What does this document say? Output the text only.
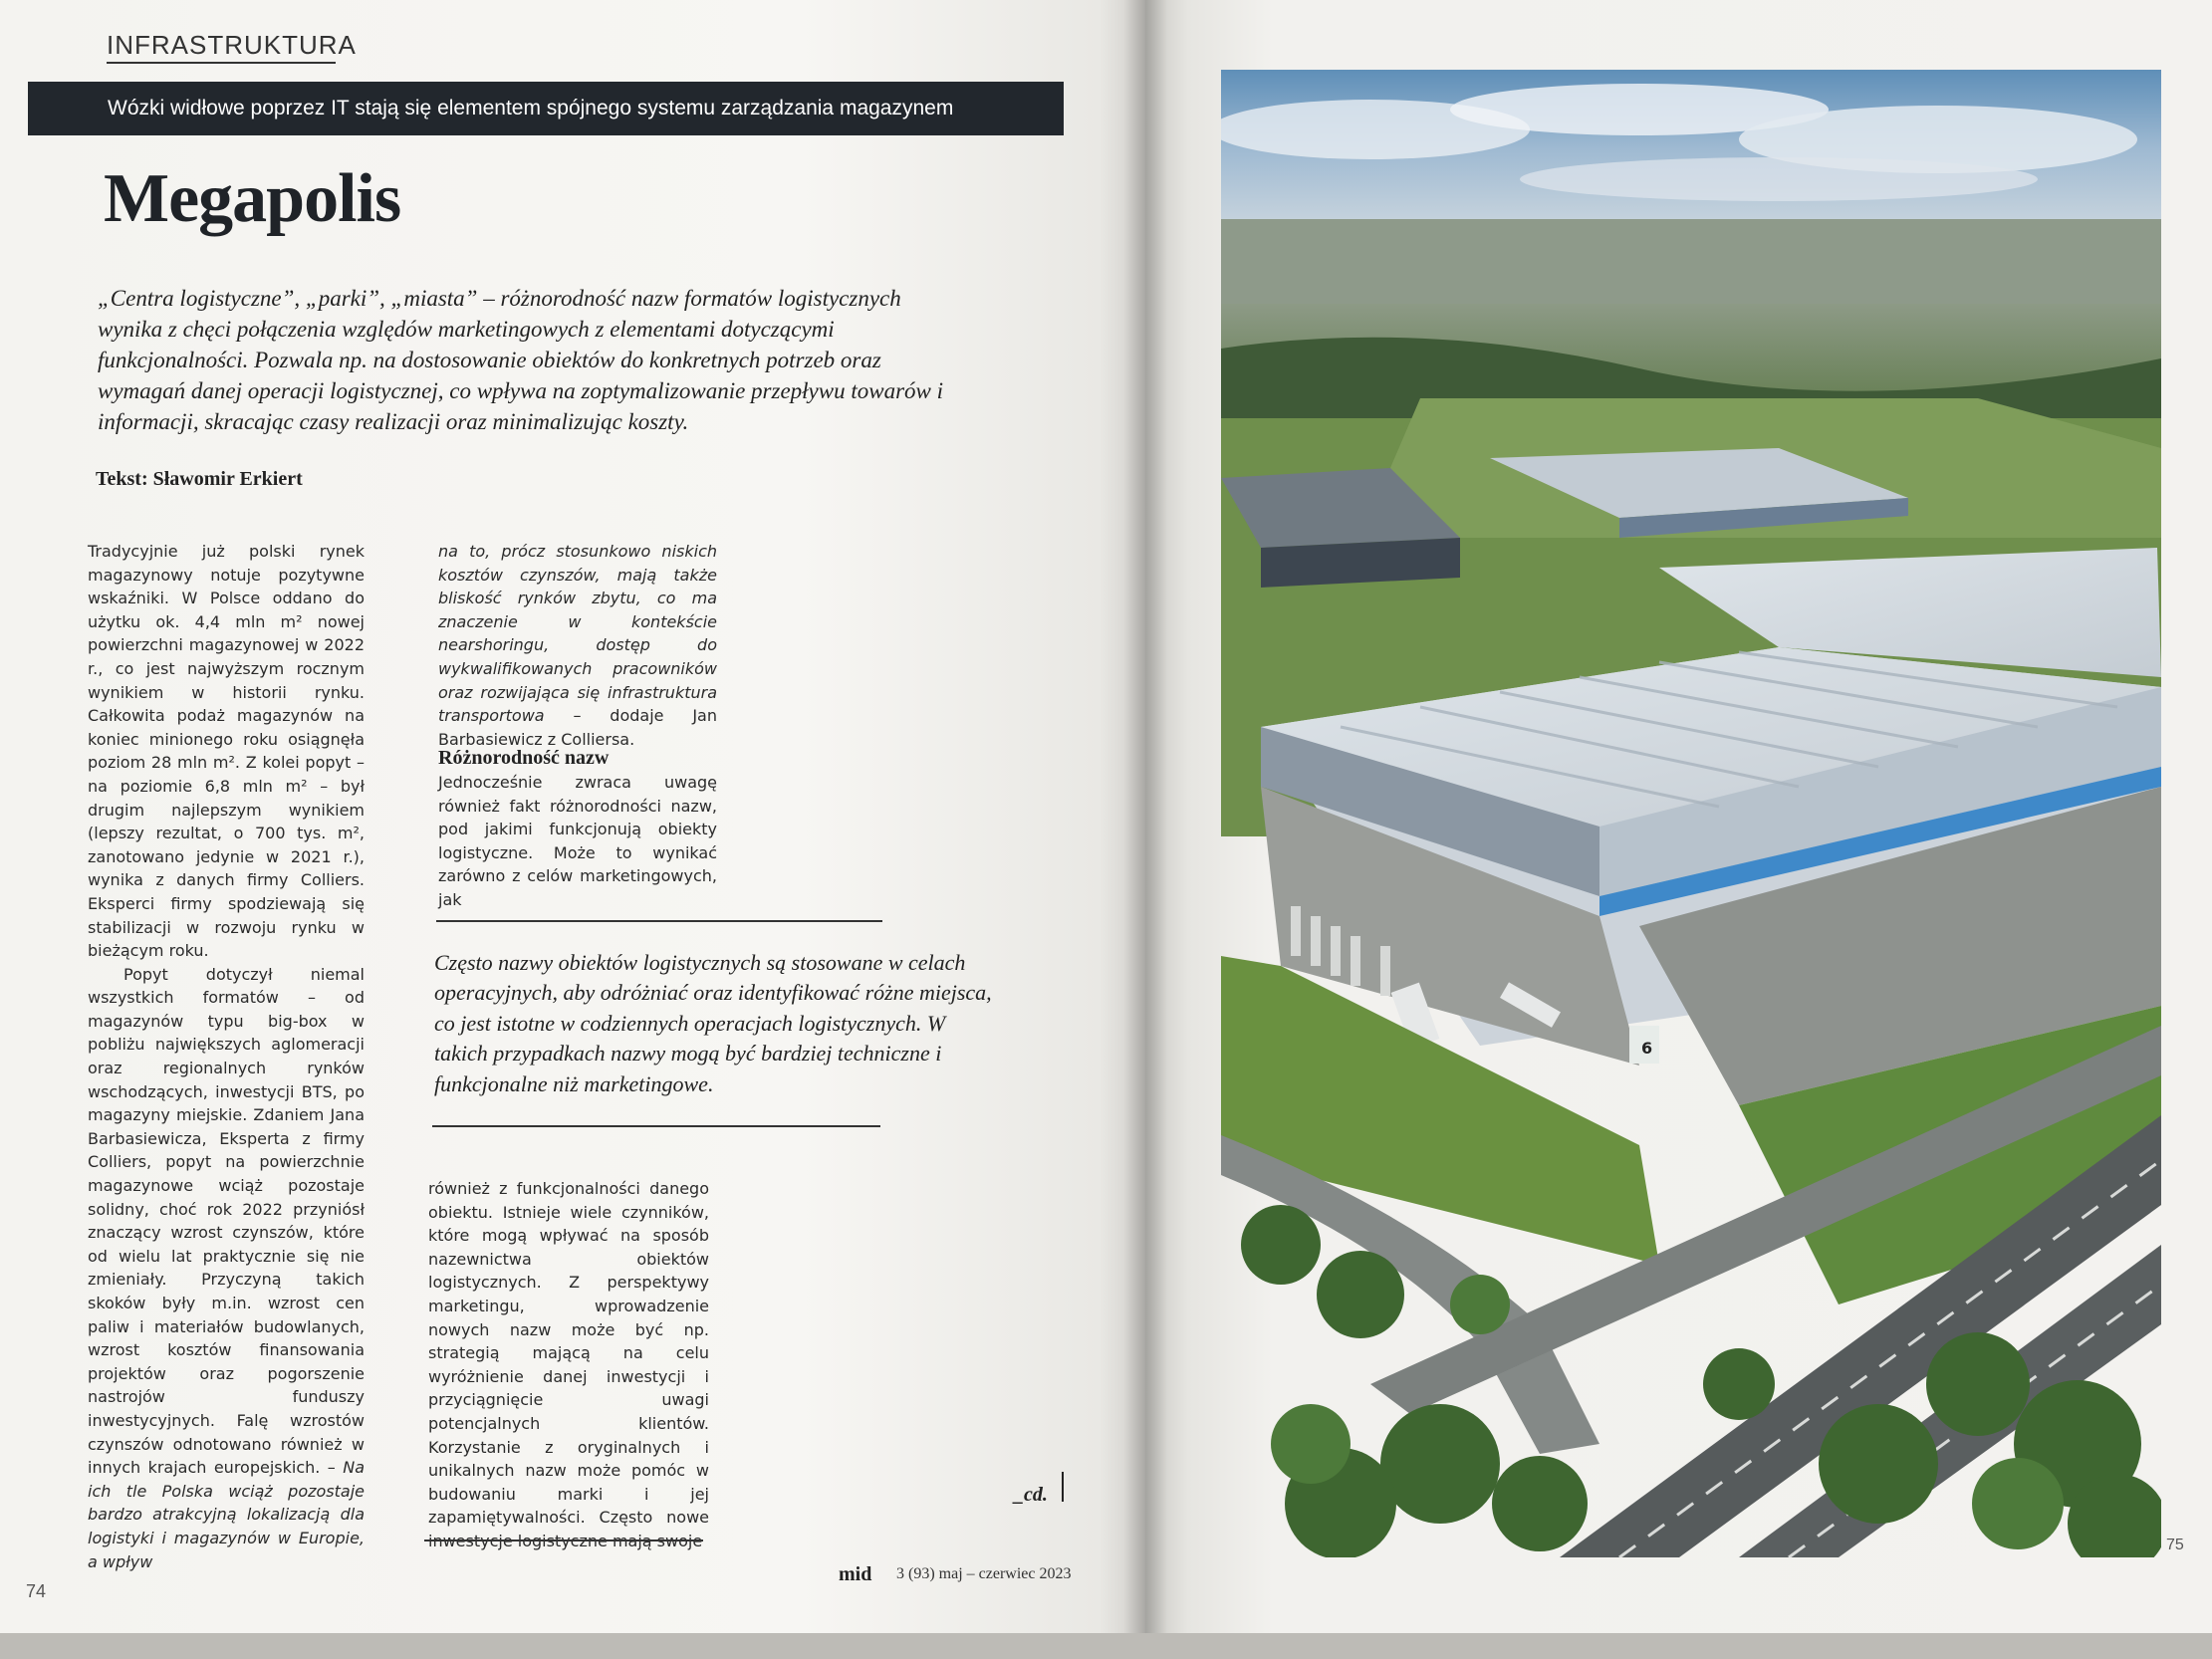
INFRASTRUKTURA
Wózki widłowe poprzez IT stają się elementem spójnego systemu zarządzania magazynem
Megapolis
„Centra logistyczne”, „parki”, „miasta” – różnorodność nazw formatów logistycznych wynika z chęci połączenia względów marketingowych z elementami dotyczącymi funkcjonalności. Pozwala np. na dostosowanie obiektów do konkretnych potrzeb oraz wymagań danej operacji logistycznej, co wpływa na zoptymalizowanie przepływu towarów i informacji, skracając czasy realizacji oraz minimalizując koszty.
Tekst: Sławomir Erkiert
Tradycyjnie już polski rynek magazynowy notuje pozytywne wskaźniki. W Polsce oddano do użytku ok. 4,4 mln m² nowej powierzchni magazynowej w 2022 r., co jest najwyższym rocznym wynikiem w historii rynku. Całkowita podaż magazynów na koniec minionego roku osiągnęła poziom 28 mln m². Z kolei popyt – na poziomie 6,8 mln m² – był drugim najlepszym wynikiem (lepszy rezultat, o 700 tys. m², zanotowano jedynie w 2021 r.), wynika z danych firmy Colliers. Eksperci firmy spodziewają się stabilizacji w rozwoju rynku w bieżącym roku.
Popyt dotyczył niemal wszystkich formatów – od magazynów typu big-box w pobliżu największych aglomeracji oraz regionalnych rynków wschodzących, inwestycji BTS, po magazyny miejskie. Zdaniem Jana Barbasiewicza, Eksperta z firmy Colliers, popyt na powierzchnie magazynowe wciąż pozostaje solidny, choć rok 2022 przyniósł znaczący wzrost czynszów, które od wielu lat praktycznie się nie zmieniały. Przyczyną takich skoków były m.in. wzrost cen paliw i materiałów budowlanych, wzrost kosztów finansowania projektów oraz pogorszenie nastrojów funduszy inwestycyjnych. Falę wzrostów czynszów odnotowano również w innych krajach europejskich. – Na ich tle Polska wciąż pozostaje bardzo atrakcyjną lokalizacją dla logistyki i magazynów w Europie, a wpływ
na to, prócz stosunkowo niskich kosztów czynszów, mają także bliskość rynków zbytu, co ma znaczenie w kontekście nearshoringu, dostęp do wykwalifikowanych pracowników oraz rozwijająca się infrastruktura transportowa – dodaje Jan Barbasiewicz z Colliersa.
Różnorodność nazw
Jednocześnie zwraca uwagę również fakt różnorodności nazw, pod jakimi funkcjonują obiekty logistyczne. Może to wynikać zarówno z celów marketingowych, jak
Często nazwy obiektów logistycznych są stosowane w celach operacyjnych, aby odróżniać oraz identyfikować różne miejsca, co jest istotne w codziennych operacjach logistycznych. W takich przypadkach nazwy mogą być bardziej techniczne i funkcjonalne niż marketingowe.
również z funkcjonalności danego obiektu. Istnieje wiele czynników, które mogą wpływać na sposób nazewnictwa obiektów logistycznych. Z perspektywy marketingu, wprowadzenie nowych nazw może być np. strategią mającą na celu wyróżnienie danej inwestycji i przyciągnięcie uwagi potencjalnych klientów. Korzystanie z oryginalnych i unikalnych nazw może pomóc w budowaniu marki i jej zapamiętywalności. Często nowe
_cd.
74
mid 3 (93) maj – czerwiec 2023
75
6
